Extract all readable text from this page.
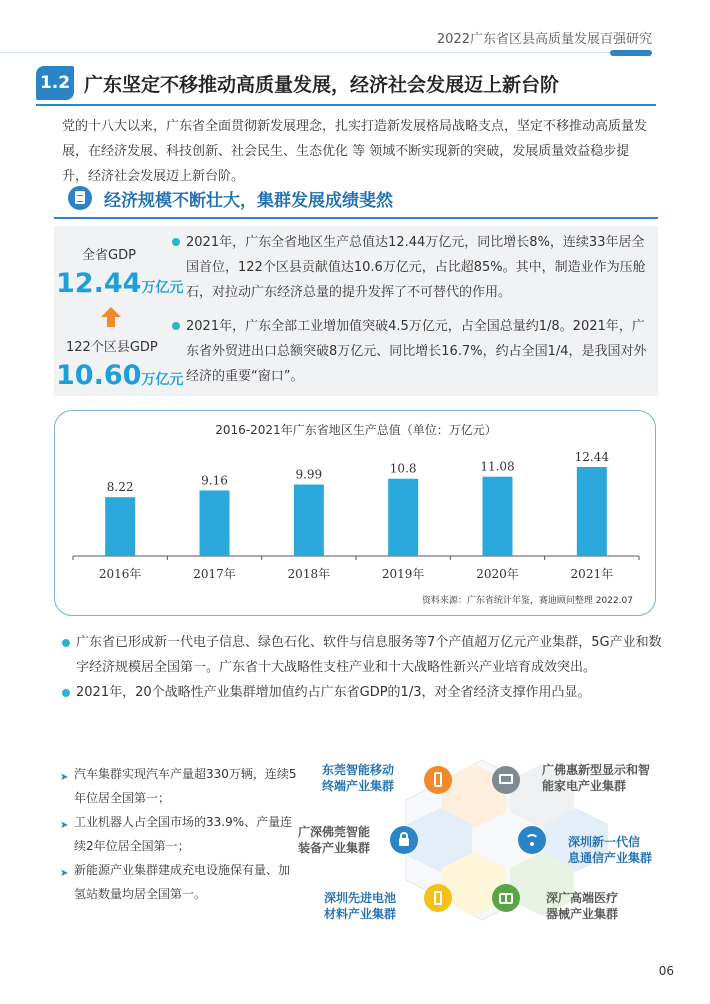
2022广东省区县高质量发展百强研究
1.2 广东坚定不移推动高质量发展，经济社会发展迈上新台阶

党的十八大以来，广东省全面贯彻新发展理念，扎实打造新发展格局战略支点，坚定不移推动高质量发展，在经济发展、科技创新、社会民生、生态优化 等 领域不断实现新的突破，发展质量效益稳步提升，经济社会发展迈上新台阶。

经济规模不断壮大，集群发展成绩斐然
全省GDP
12.44万亿元
122个区县GDP
10.60万亿元

2021年，广东全省地区生产总值达12.44万亿元，同比增长8%，连续33年居全国首位，122个区县贡献值达10.6万亿元，占比超85%。其中，制造业作为压舱石，对拉动广东经济总量的提升发挥了不可替代的作用。

2021年，广东全部工业增加值突破4.5万亿元，占全国总量约1/8。2021年，广东省外贸进出口总额突破8万亿元、同比增长16.7%，约占全国1/4，是我国对外经济的重要“窗口”。

2016-2021年广东省地区生产总值（单位：万亿元）
8.22
2016年
9.16
2017年
9.99
2018年
10.8
2019年
11.08
2020年
12.44
2021年
资料来源：广东省统计年鉴，赛迪顾问整理 2022.07
广东省已形成新一代电子信息、绿色石化、软件与信息服务等7个产值超万亿元产业集群，5G产业和数字经济规模居全国第一。广东省十大战略性支柱产业和十大战略性新兴产业培育成效突出。
2021年，20个战略性产业集群增加值约占广东省GDP的1/3，对全省经济支撑作用凸显。
➤ 汽车集群实现汽车产量超330万辆，连续5年位居全国第一；
➤ 工业机器人占全国市场的33.9%、产量连续2年位居全国第一；
➤ 新能源产业集群建成充电设施保有量、加氢站数量均居全国第一。
东莞智能移动
终端产业集群
广佛惠新型显示和智
能家电产业集群
广深佛莞智能
装备产业集群	深圳新一代信
息通信产业集群
深圳先进电池
材料产业集群
深广高端医疗
器械产业集群
06
